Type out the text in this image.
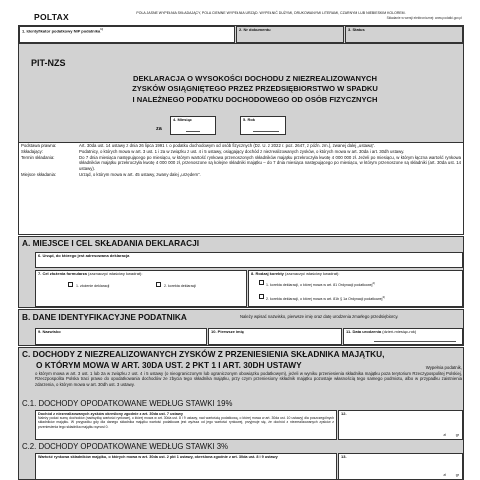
POLTAX	POLA JASNE WYPEŁNIA SKŁADAJĄCY, POLA CIEMNE WYPEŁNIA URZĄD. WYPEŁNIĆ DUŻYMI, DRUKOWANYMI LITERAMI, CZARNYM LUB NIEBIESKIM KOLOREM.
Składanie w wersji elektronicznej: www.podatki.gov.pl
1. Identyfikator podatkowy NIP podatnika$^{1)}$	2. Nr dokumentu	3. Status
PIT-NZS
DEKLARACJA O WYSOKOŚCI DOCHODU Z NIEZREALIZOWANYCH
ZYSKÓW OSIĄGNIĘTEGO PRZEZ PRZEDSIĘBIORSTWO W SPADKU
I NALEŻNEGO PODATKU DOCHODOWEGO OD OSÓB FIZYCZNYCH
za
4. Miesiąc	5. Rok
Podstawa prawna:	Art. 30da ust. 14 ustawy z dnia 26 lipca 1991 r. o podatku dochodowym od osób fizycznych (Dz. U. z 2022 r. poz. 2647, z późn. zm.), zwanej dalej „ustawą”.
Składający:	Podatnicy, o których mowa w art. 3 ust. 1 i 2a w związku z ust. 4 i 5 ustawy, osiągający dochód z niezrealizowanych zysków, o których mowa w art. 30da i art. 30dh ustawy.
Termin składania:	Do 7 dnia miesiąca następującego po miesiącu, w którym wartość rynkowa przenoszonych składników majątku przekroczyła kwotę 4 000 000 zł. Jeżeli po miesiącu, w którym łączna wartość rynkowa składników majątku przekroczyła kwotę 4 000 000 zł, przenoszone są kolejne składniki majątku – do 7 dnia miesiąca następującego po miesiącu, w którym przenoszone są składniki (art. 30da ust. 14 ustawy).
Miejsce składania:	Urząd, o którym mowa w art. 45 ustawy, zwany dalej „urzędem”.
A. MIEJSCE I CEL SKŁADANIA DEKLARACJI
6. Urząd, do którego jest adresowana deklaracja
7. Cel złożenia formularza (zaznaczyć właściwy kwadrat):
1. złożenie deklaracji	2. korekta deklaracji
8. Rodzaj korekty (zaznaczyć właściwy kwadrat):
1. korekta deklaracji, o której mowa w art. 81 Ordynacji podatkowej$^{2)}$
2. korekta deklaracji, o której mowa w art. 81b § 1a Ordynacji podatkowej$^{3)}$
B. DANE IDENTYFIKACYJNE PODATNIKA	Należy wpisać nazwisko, pierwsze imię oraz datę urodzenia zmarłego przedsiębiorcy.
9. Nazwisko	10. Pierwsze imię	11. Data urodzenia (dzień-miesiąc-rok)
C. DOCHODY Z NIEZREALIZOWANYCH ZYSKÓW Z PRZENIESIENIA SKŁADNIKA MAJĄTKU,
O KTÓRYM MOWA W ART. 30DA UST. 2 PKT 1 I ART. 30DH USTAWY	Wypełnia podatnik,
o którym mowa w art. 3 ust. 1 lub 2a w związku z ust. 4 i 5 ustawy (o nieograniczonym lub ograniczonym obowiązku podatkowym), jeżeli w wyniku przeniesienia składnika majątku poza terytorium Rzeczypospolitej Polskiej, Rzeczpospolita Polska traci prawo do opodatkowania dochodów ze zbycia tego składnika majątku, przy czym przeniesiony składnik majątku pozostaje własnością tego samego podmiotu, albo w przypadku zaistnienia zdarzenia, o którym mowa w art. 30dh ust. 3 ustawy.
C.1. DOCHODY OPODATKOWANE WEDŁUG STAWKI 19%
Dochód z niezrealizowanych zysków określony zgodnie z art. 30da ust. 7 ustawy
Należy podać sumę dochodów (nadwyżkę wartości rynkowej, o której mowa w art. 30da ust. 8 i 9 ustawy, nad wartością podatkową, o której mowa w art. 30da ust. 10 ustawy) dla poszczególnych składników majątku. W przypadku gdy dla danego składnika majątku wartość podatkowa jest wyższa od jego wartości rynkowej, przyjmuje się, że dochód z niezrealizowanych zysków z przeniesienia tego składnika majątku wynosi 0.
12.
zł	gr
C.2. DOCHODY OPODATKOWANE WEDŁUG STAWKI 3%
Wartość rynkowa składników majątku, o których mowa w art. 30da ust. 2 pkt 1 ustawy, określona zgodnie z art. 30da ust. 8 i 9 ustawy	13.
zł	gr
